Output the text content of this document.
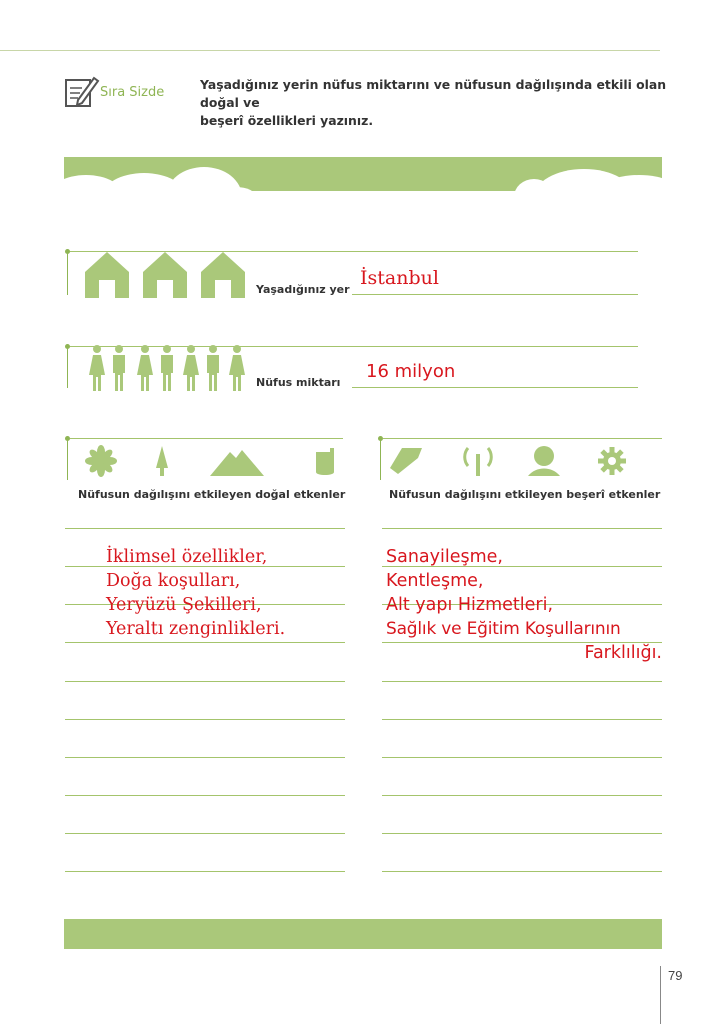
Sıra Sizde
Yaşadığınız yerin nüfus miktarını ve nüfusun dağılışında etkili olan doğal ve
beşerî özellikleri yazınız.
Yaşadığınız yer
İstanbul
Nüfus miktarı
16 milyon
Nüfusun dağılışını etkileyen doğal etkenler	Nüfusun dağılışını etkileyen beşerî etkenler
İklimsel özellikler,
Doğa koşulları,
Yeryüzü Şekilleri,
Yeraltı zenginlikleri.
Sanayileşme,
Kentleşme,
Alt yapı Hizmetleri,
Sağlık ve Eğitim Koşullarının
Farklılığı.
79
